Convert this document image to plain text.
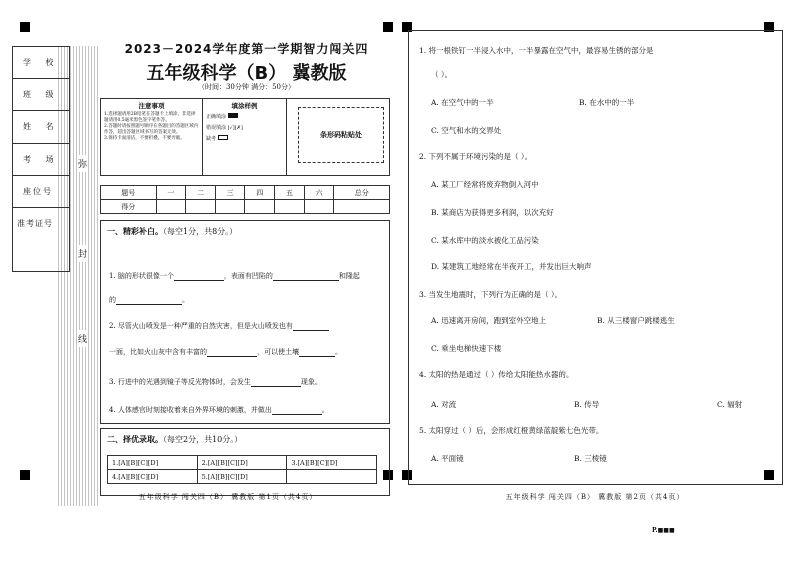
学 校
班 级
姓 名
考 场
座位号
准考证号
弥
封
线
2023－2024学年度第一学期智力闯关四
五年级科学（B） 冀教版
（时间：30分钟 满分：50分）
注意事项

1.选择题请用2B铅笔在答题卡上填涂，非选择题请用0.5毫米黑色签字笔作答。

2.答题时请按照题号顺序在各题目的答题区域内作答，超出答题区域书写的答案无效。

3.保持卡面清洁，不要折叠、不要弄破。

填涂样例
正确填涂
错误填涂 [✓][✗]
缺考	条形码粘贴处
题号	一	二	三	四	五	六	总分
得分							
一、精彩补白。（每空1分，共8分。）
1. 脑的形状很像一个	，表面有凹陷的	和隆起
的	。
2. 尽管火山喷发是一种严重的自然灾害，但是火山喷发也有
一面，比如火山灰中含有丰富的	，可以使土壤	。
3. 行进中的光遇到镜子等反光物体时，会发生	现象。
4. 人体感官时刻接收着来自外界环境的刺激，并做出	。
二、择优录取。（每空2分，共10分。）
1.[A][B][C][D]	2.[A][B][C][D]	3.[A][B][C][D]
4.[A][B][C][D]	5.[A][B][C][D]	
五年级科学 闯关四（B） 冀教版 第1页（共4页）
1. 将一根铁钉一半浸入水中，一半暴露在空气中，最容易生锈的部分是
（ ）。
A. 在空气中的一半	B. 在水中的一半
C. 空气和水的交界处
2. 下列不属于环境污染的是（ ）。
A. 某工厂经常将废弃物倒入河中
B. 某商店为获得更多利润，以次充好
C. 某水库中的淡水被化工品污染
D. 某建筑工地经常在半夜开工，并发出巨大响声
3. 当发生地震时，下列行为正确的是（ ）。
A. 迅速离开房间，跑到室外空地上	B. 从三楼窗户跳楼逃生
C. 乘坐电梯快速下楼
4. 太阳的热是通过（ ）传给太阳能热水器的。
A. 对流	B. 传导	C. 辐射
5. 太阳穿过（ ）后，会形成红橙黄绿蓝靛紫七色光带。
A. 平面镜	B. 三棱镜
五年级科学 闯关四（B） 冀教版 第2页（共4页）
P.■■■
